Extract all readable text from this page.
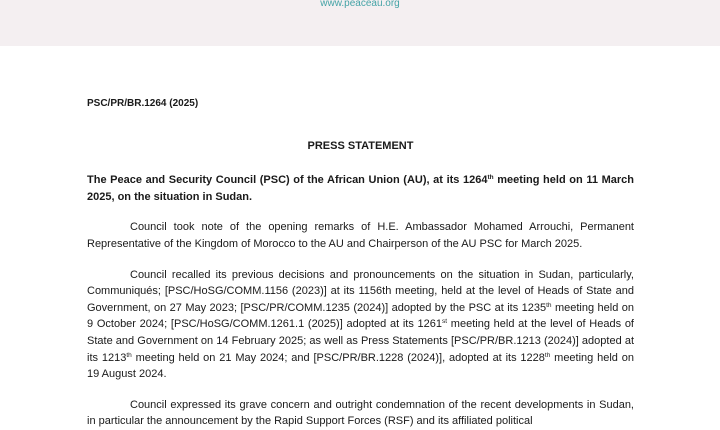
www.peaceau.org

PSC/PR/BR.1264 (2025)

PRESS STATEMENT

The Peace and Security Council (PSC) of the African Union (AU), at its 1264th meeting held on 11 March 2025, on the situation in Sudan.

Council took note of the opening remarks of H.E. Ambassador Mohamed Arrouchi, Permanent Representative of the Kingdom of Morocco to the AU and Chairperson of the AU PSC for March 2025.

Council recalled its previous decisions and pronouncements on the situation in Sudan, particularly, Communiqués; [PSC/HoSG/COMM.1156 (2023)] at its 1156th meeting, held at the level of Heads of State and Government, on 27 May 2023; [PSC/PR/COMM.1235 (2024)] adopted by the PSC at its 1235th meeting held on 9 October 2024; [PSC/HoSG/COMM.1261.1 (2025)] adopted at its 1261st meeting held at the level of Heads of State and Government on 14 February 2025; as well as Press Statements [PSC/PR/BR.1213 (2024)] adopted at its 1213th meeting held on 21 May 2024; and [PSC/PR/BR.1228 (2024)], adopted at its 1228th meeting held on 19 August 2024.

Council expressed its grave concern and outright condemnation of the recent developments in Sudan, in particular the announcement by the Rapid Support Forces (RSF) and its affiliated political
